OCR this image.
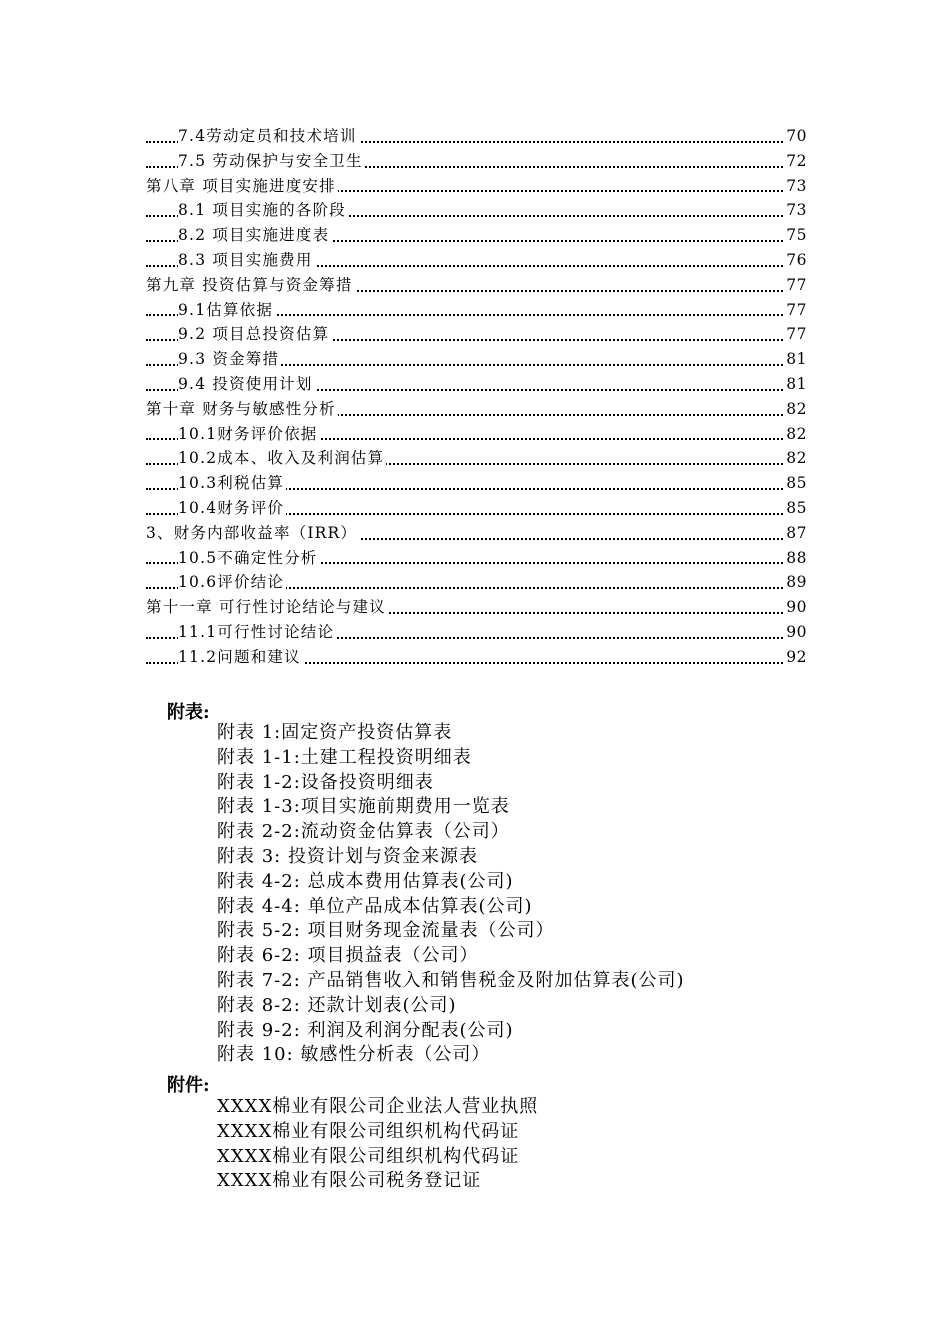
7.4劳动定员和技术培训	70
7.5 劳动保护与安全卫生	72
第八章 项目实施进度安排	73
8.1 项目实施的各阶段	73
8.2 项目实施进度表	75
8.3 项目实施费用	76
第九章 投资估算与资金筹措	77
9.1估算依据	77
9.2 项目总投资估算	77
9.3 资金筹措	81
9.4 投资使用计划	81
第十章 财务与敏感性分析	82
10.1财务评价依据	82
10.2成本、收入及利润估算	82
10.3利税估算	85
10.4财务评价	85
3、财务内部收益率（IRR）	87
10.5不确定性分析	88
10.6评价结论	89
第十一章 可行性讨论结论与建议	90
11.1可行性讨论结论	90
11.2问题和建议	92
附表:
附表 1:固定资产投资估算表
附表 1-1:土建工程投资明细表
附表 1-2:设备投资明细表
附表 1-3:项目实施前期费用一览表
附表 2-2:流动资金估算表（公司）
附表 3: 投资计划与资金来源表
附表 4-2: 总成本费用估算表(公司)
附表 4-4: 单位产品成本估算表(公司)
附表 5-2: 项目财务现金流量表（公司）
附表 6-2: 项目损益表（公司）
附表 7-2: 产品销售收入和销售税金及附加估算表(公司)
附表 8-2: 还款计划表(公司)
附表 9-2: 利润及利润分配表(公司)
附表 10: 敏感性分析表（公司）
附件:
XXXX棉业有限公司企业法人营业执照
XXXX棉业有限公司组织机构代码证
XXXX棉业有限公司组织机构代码证
XXXX棉业有限公司税务登记证
